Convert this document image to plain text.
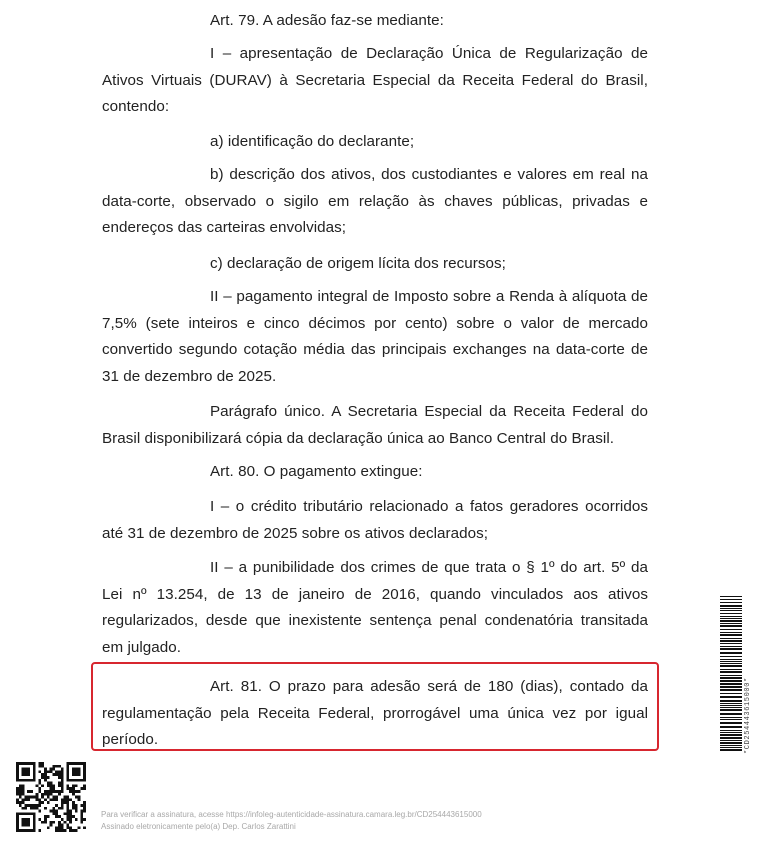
Art. 79. A adesão faz-se mediante:

I – apresentação de Declaração Única de Regularização de Ativos Virtuais (DURAV) à Secretaria Especial da Receita Federal do Brasil, contendo:

a) identificação do declarante;

b) descrição dos ativos, dos custodiantes e valores em real na data-corte, observado o sigilo em relação às chaves públicas, privadas e endereços das carteiras envolvidas;

c) declaração de origem lícita dos recursos;

II – pagamento integral de Imposto sobre a Renda à alíquota de 7,5% (sete inteiros e cinco décimos por cento) sobre o valor de mercado convertido segundo cotação média das principais exchanges na data-corte de 31 de dezembro de 2025.

Parágrafo único. A Secretaria Especial da Receita Federal do Brasil disponibilizará cópia da declaração única ao Banco Central do Brasil.

Art. 80. O pagamento extingue:

I – o crédito tributário relacionado a fatos geradores ocorridos até 31 de dezembro de 2025 sobre os ativos declarados;

II – a punibilidade dos crimes de que trata o § 1º do art. 5º da Lei nº 13.254, de 13 de janeiro de 2016, quando vinculados aos ativos regularizados, desde que inexistente sentença penal condenatória transitada em julgado.

Art. 81. O prazo para adesão será de 180 (dias), contado da regulamentação pela Receita Federal, prorrogável uma única vez por igual período.

Para verificar a assinatura, acesse https://infoleg-autenticidade-assinatura.camara.leg.br/CD254443615000
Assinado eletronicamente pelo(a) Dep. Carlos Zarattini
*CD254443615000*
